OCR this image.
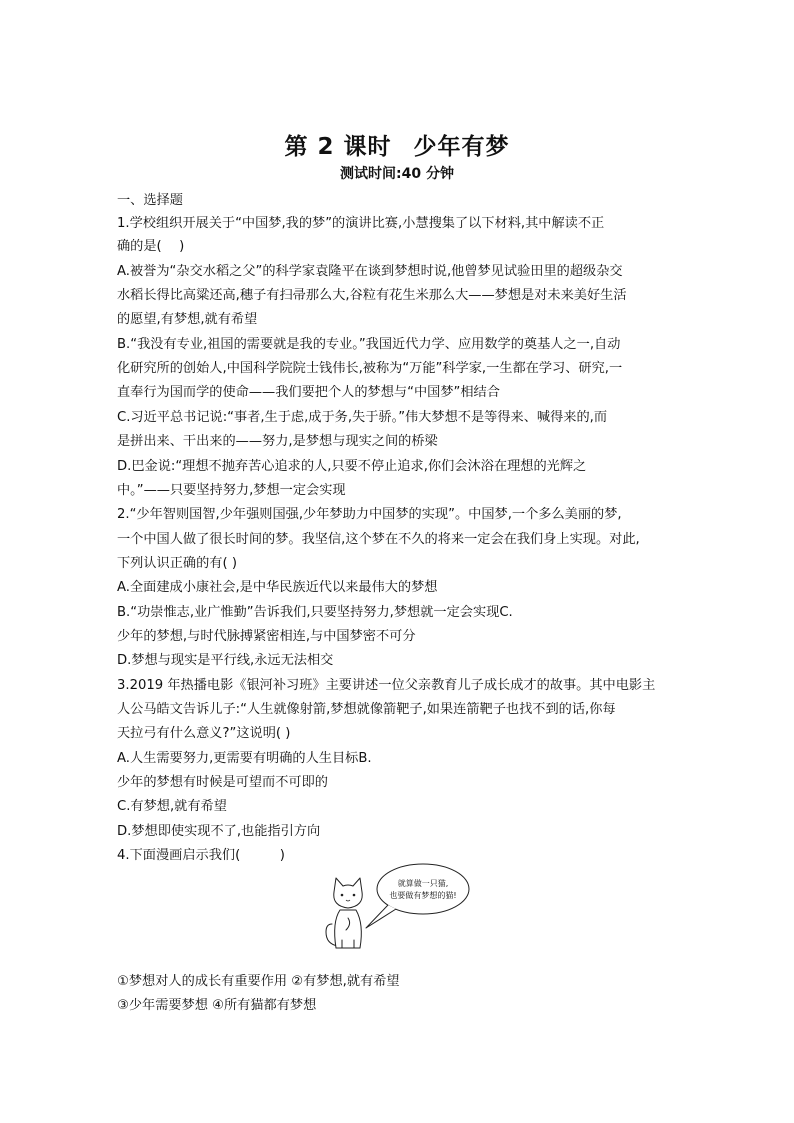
第 2 课时 少年有梦
测试时间:40 分钟
一、选择题
1.学校组织开展关于“中国梦,我的梦”的演讲比赛,小慧搜集了以下材料,其中解读不正
确的是(　 )
A.被誉为“杂交水稻之父”的科学家袁隆平在谈到梦想时说,他曾梦见试验田里的超级杂交
水稻长得比高粱还高,穗子有扫帚那么大,谷粒有花生米那么大——梦想是对未来美好生活
的愿望,有梦想,就有希望
B.“我没有专业,祖国的需要就是我的专业。”我国近代力学、应用数学的奠基人之一,自动
化研究所的创始人,中国科学院院士钱伟长,被称为“万能”科学家,一生都在学习、研究,一
直奉行为国而学的使命——我们要把个人的梦想与“中国梦”相结合
C.习近平总书记说:“事者,生于虑,成于务,失于骄。”伟大梦想不是等得来、喊得来的,而
是拼出来、干出来的——努力,是梦想与现实之间的桥梁
D.巴金说:“理想不抛弃苦心追求的人,只要不停止追求,你们会沐浴在理想的光辉之
中。”——只要坚持努力,梦想一定会实现
2.“少年智则国智,少年强则国强,少年梦助力中国梦的实现”。中国梦,一个多么美丽的梦,
一个中国人做了很长时间的梦。我坚信,这个梦在不久的将来一定会在我们身上实现。对此,
下列认识正确的有( )
A.全面建成小康社会,是中华民族近代以来最伟大的梦想
B.“功崇惟志,业广惟勤”告诉我们,只要坚持努力,梦想就一定会实现C.
少年的梦想,与时代脉搏紧密相连,与中国梦密不可分
D.梦想与现实是平行线,永远无法相交
3.2019 年热播电影《银河补习班》主要讲述一位父亲教育儿子成长成才的故事。其中电影主
人公马皓文告诉儿子:“人生就像射箭,梦想就像箭靶子,如果连箭靶子也找不到的话,你每
天拉弓有什么意义?”这说明( )
A.人生需要努力,更需要有明确的人生目标B.
少年的梦想有时候是可望而不可即的
C.有梦想,就有希望
D.梦想即使实现不了,也能指引方向
4.下面漫画启示我们(　　　)
①梦想对人的成长有重要作用 ②有梦想,就有希望
③少年需要梦想 ④所有猫都有梦想
就算做一只猫,
也要做有梦想的猫!
